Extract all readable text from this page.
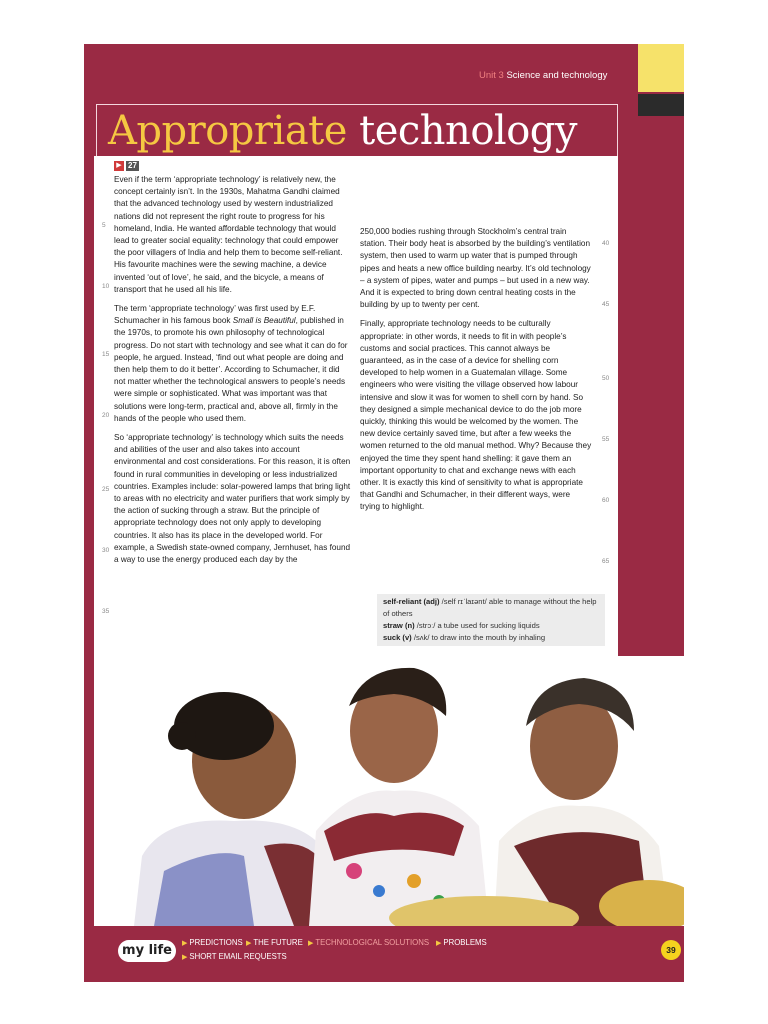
Unit 3 Science and technology
Appropriate technology
▶ 27

Even if the term ‘appropriate technology’ is relatively new, the concept certainly isn’t. In the 1930s, Mahatma Gandhi claimed that the advanced technology used by western industrialized nations did not represent the right route to progress for his homeland, India. He wanted affordable technology that would lead to greater social equality: technology that could empower the poor villagers of India and help them to become self-reliant. His favourite machines were the sewing machine, a device invented ‘out of love’, he said, and the bicycle, a means of transport that he used all his life.

The term ‘appropriate technology’ was first used by E.F. Schumacher in his famous book Small is Beautiful, published in the 1970s, to promote his own philosophy of technological progress. Do not start with technology and see what it can do for people, he argued. Instead, ‘find out what people are doing and then help them to do it better’. According to Schumacher, it did not matter whether the technological answers to people’s needs were simple or sophisticated. What was important was that solutions were long-term, practical and, above all, firmly in the hands of the people who used them.

So ‘appropriate technology’ is technology which suits the needs and abilities of the user and also takes into account environmental and cost considerations. For this reason, it is often found in rural communities in developing or less industrialized countries. Examples include: solar-powered lamps that bring light to areas with no electricity and water purifiers that work simply by the action of sucking through a straw. But the principle of appropriate technology does not only apply to developing countries. It also has its place in the developed world. For example, a Swedish state-owned company, Jernhuset, has found a way to use the energy produced each day by the

5
10
15
20
25
30
35

250,000 bodies rushing through Stockholm’s central train station. Their body heat is absorbed by the building’s ventilation system, then used to warm up water that is pumped through pipes and heats a new office building nearby. It’s old technology – a system of pipes, water and pumps – but used in a new way. And it is expected to bring down central heating costs in the building by up to twenty per cent.

Finally, appropriate technology needs to be culturally appropriate: in other words, it needs to fit in with people’s customs and social practices. This cannot always be guaranteed, as in the case of a device for shelling corn developed to help women in a Guatemalan village. Some engineers who were visiting the village observed how labour intensive and slow it was for women to shell corn by hand. So they designed a simple mechanical device to do the job more quickly, thinking this would be welcomed by the women. The new device certainly saved time, but after a few weeks the women returned to the old manual method. Why? Because they enjoyed the time they spent hand shelling: it gave them an important opportunity to chat and exchange news with each other. It is exactly this kind of sensitivity to what is appropriate that Gandhi and Schumacher, in their different ways, were trying to highlight.

40
45
50
55
60
65
self-reliant (adj) /self rɪˈlaɪənt/ able to manage without the help of others
straw (n) /strɔː/ a tube used for sucking liquids
suck (v) /sʌk/ to draw into the mouth by inhaling
my life	▶ PREDICTIONS ▶ THE FUTURE ▶ TECHNOLOGICAL SOLUTIONS ▶ PROBLEMS
▶ SHORT EMAIL REQUESTS
39
